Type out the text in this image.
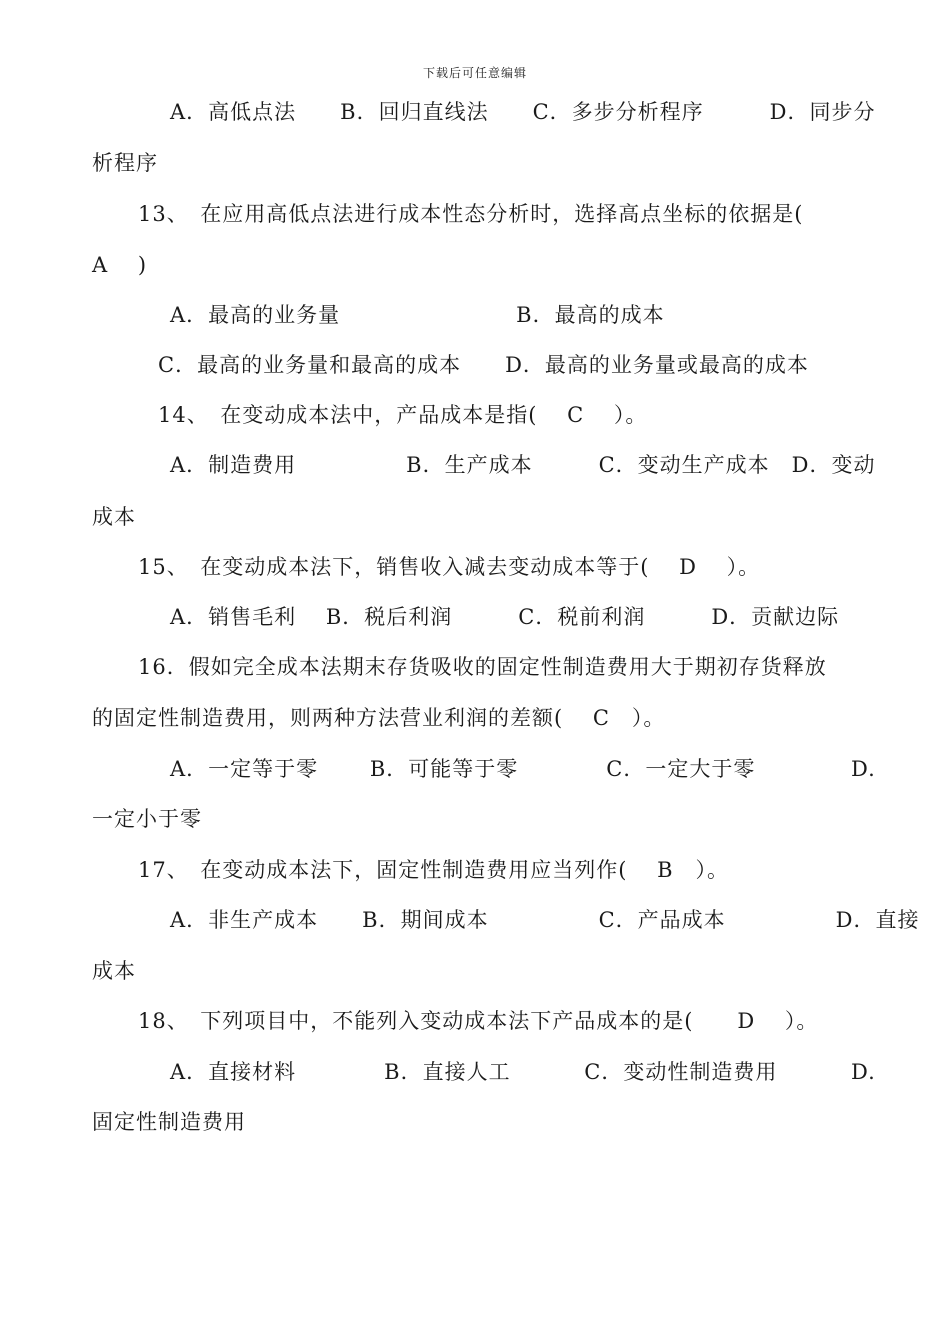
下载后可任意编辑
A．高低点法　　B．回归直线法　　C．多步分析程序　　　D．同步分
析程序
13、　在应用高低点法进行成本性态分析时，选择高点坐标的依据是(
A　 )
A．最高的业务量　　　　　　　　B．最高的成本
C．最高的业务量和最高的成本　　D．最高的业务量或最高的成本
14、　在变动成本法中，产品成本是指(　 C　 ）。
A．制造费用　　　　　B．生产成本　　　C．变动生产成本　D．变动
成本
15、　在变动成本法下，销售收入减去变动成本等于(　 D　 ）。
A．销售毛利　 B．税后利润　　　C．税前利润　　　D．贡献边际
16．假如完全成本法期末存货吸收的固定性制造费用大于期初存货释放
的固定性制造费用，则两种方法营业利润的差额(　 C　）。
A．一定等于零　　 B．可能等于零　　　　C．一定大于零　　　　 D.
一定小于零
17、　在变动成本法下，固定性制造费用应当列作(　 B　）。
A．非生产成本　　B．期间成本　　　　　C．产品成本　　　　　D．直接
成本
18、　下列项目中，不能列入变动成本法下产品成本的是(　　D　 ）。
A．直接材料　　　　B．直接人工　　　 C．变动性制造费用　　　 D.
固定性制造费用
